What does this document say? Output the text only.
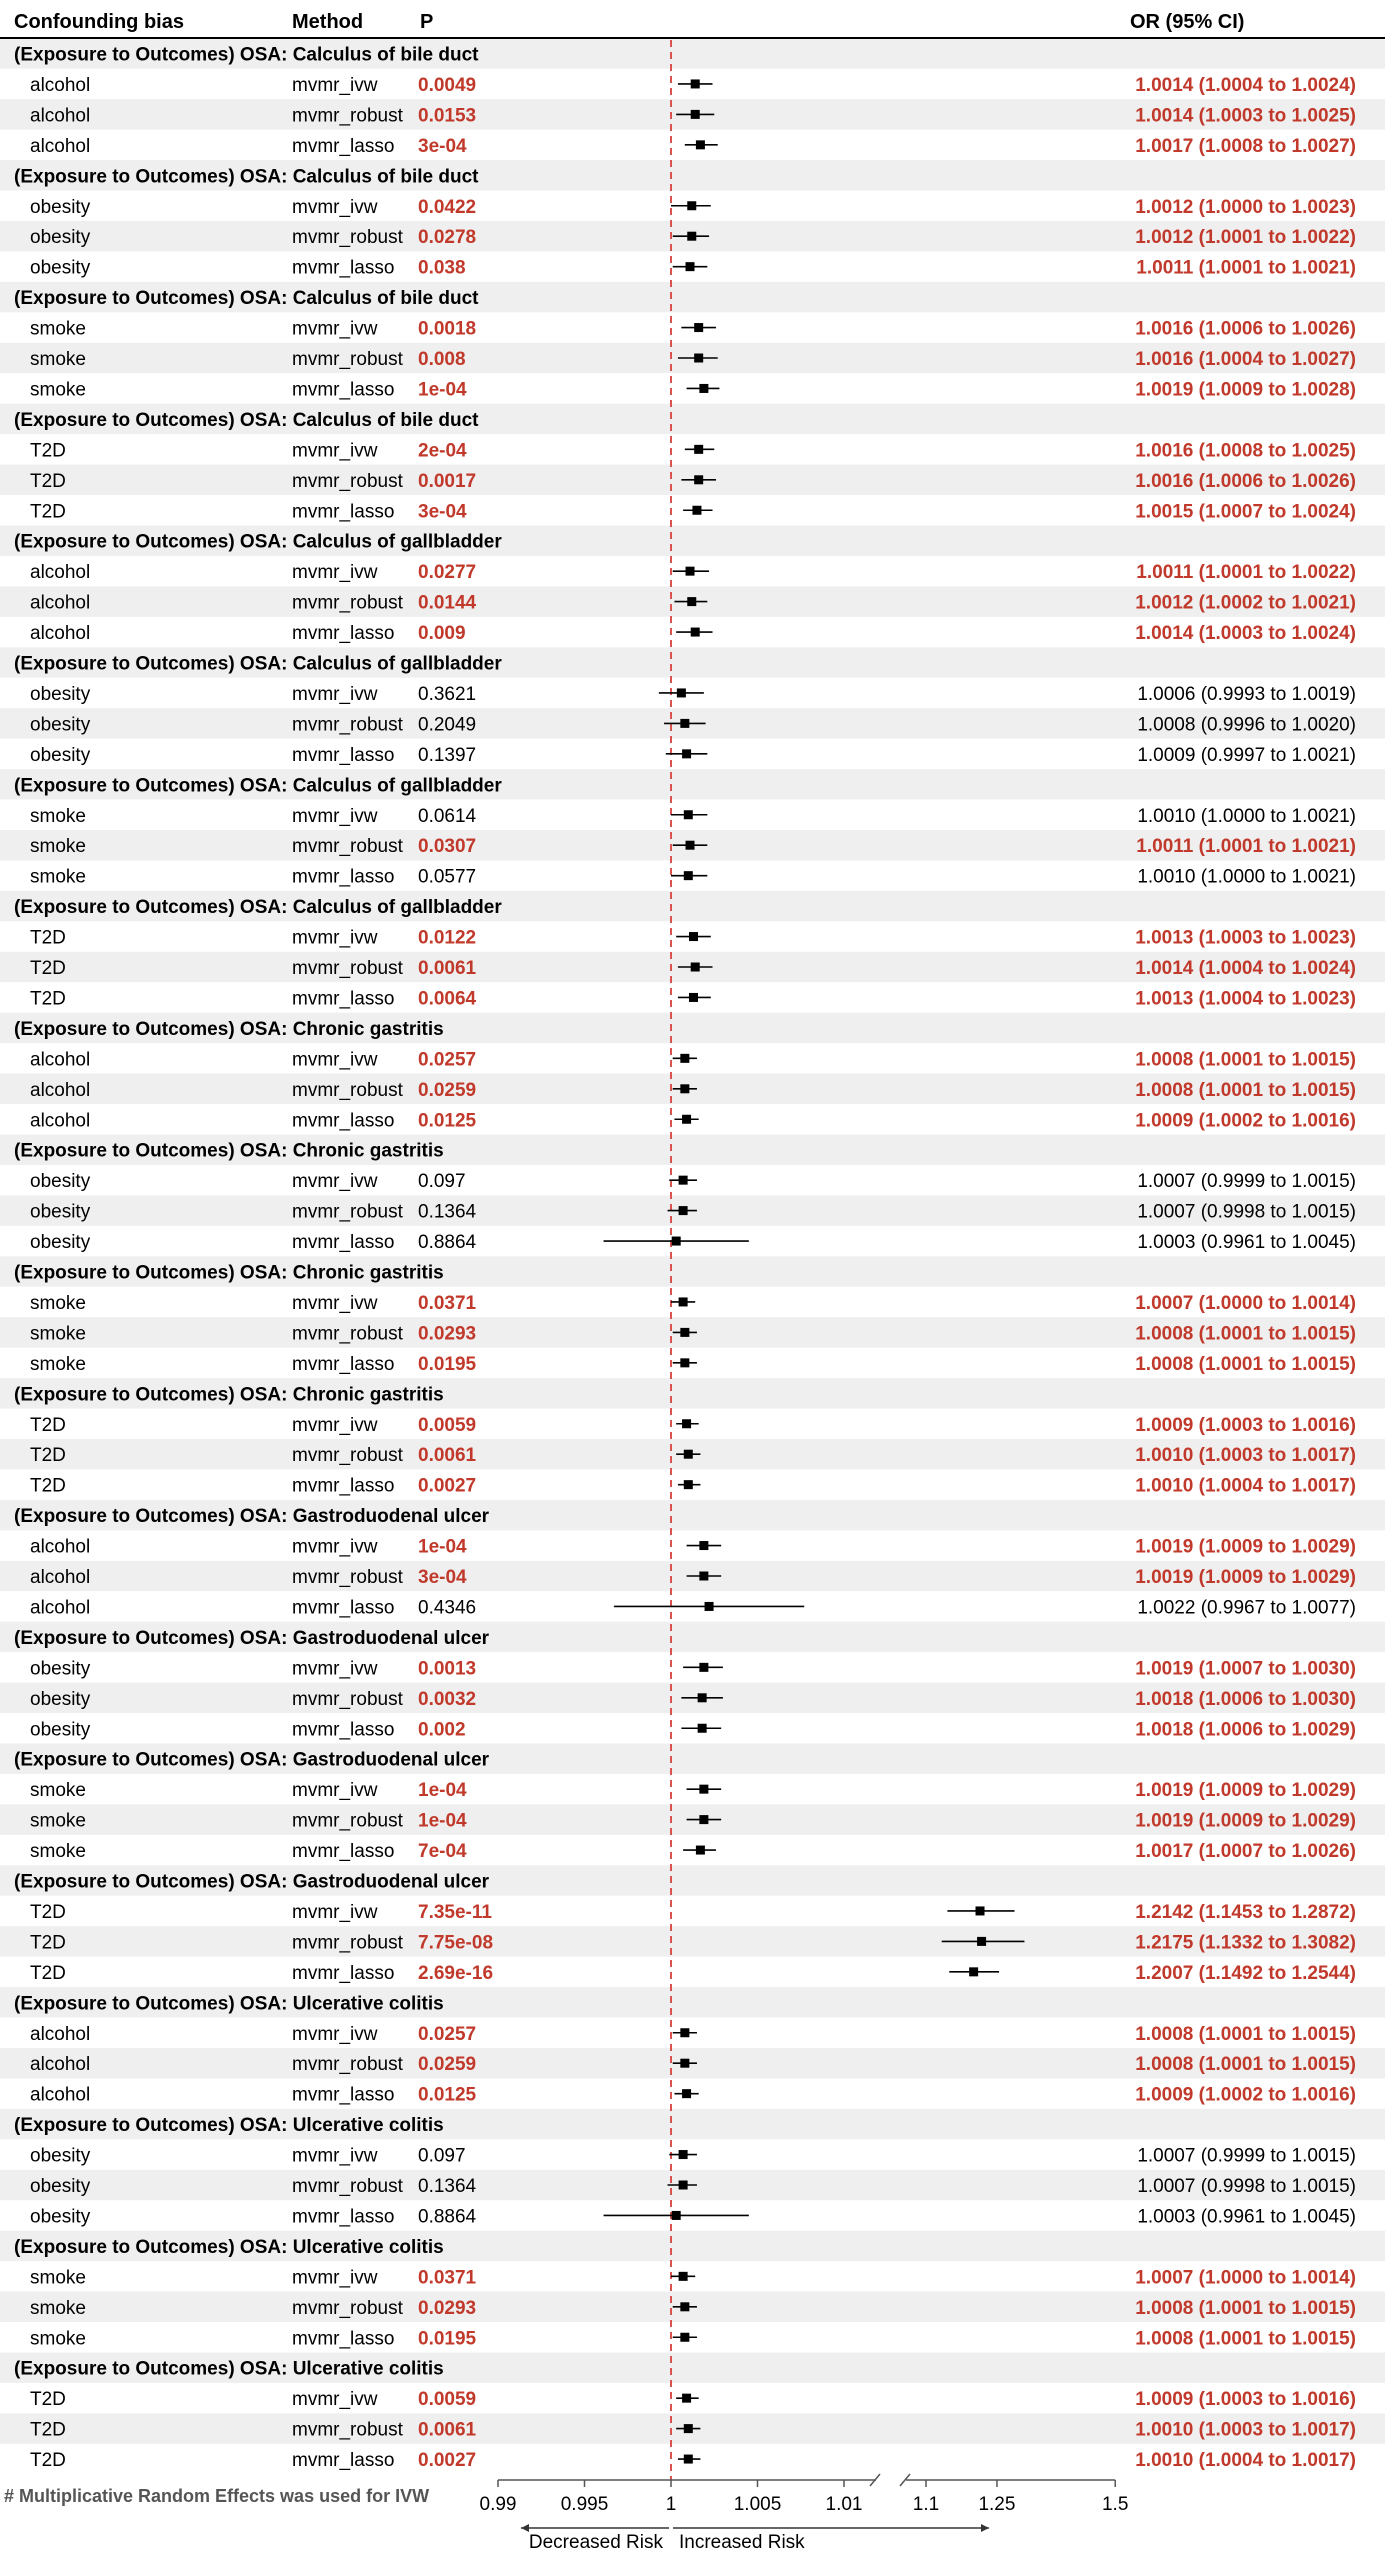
Confounding bias	Method	P	OR (95% CI)
(Exposure to Outcomes) OSA: Calculus of bile duct
alcohol	mvmr_ivw 0.0049	1.0014 (1.0004 to 1.0024)
alcohol	mvmr_robust 0.0153	1.0014 (1.0003 to 1.0025)
alcohol	mvmr_lasso 3e-04	1.0017 (1.0008 to 1.0027)
(Exposure to Outcomes) OSA: Calculus of bile duct
obesity	mvmr_ivw 0.0422	1.0012 (1.0000 to 1.0023)
obesity	mvmr_robust 0.0278	1.0012 (1.0001 to 1.0022)
obesity	mvmr_lasso 0.038	1.0011 (1.0001 to 1.0021)
(Exposure to Outcomes) OSA: Calculus of bile duct
smoke	mvmr_ivw 0.0018	1.0016 (1.0006 to 1.0026)
smoke	mvmr_robust 0.008	1.0016 (1.0004 to 1.0027)
smoke	mvmr_lasso 1e-04	1.0019 (1.0009 to 1.0028)
(Exposure to Outcomes) OSA: Calculus of bile duct
T2D	mvmr_ivw 2e-04	1.0016 (1.0008 to 1.0025)
T2D	mvmr_robust 0.0017	1.0016 (1.0006 to 1.0026)
T2D	mvmr_lasso 3e-04	1.0015 (1.0007 to 1.0024)
(Exposure to Outcomes) OSA: Calculus of gallbladder
alcohol	mvmr_ivw 0.0277	1.0011 (1.0001 to 1.0022)
alcohol	mvmr_robust 0.0144	1.0012 (1.0002 to 1.0021)
alcohol	mvmr_lasso 0.009	1.0014 (1.0003 to 1.0024)
(Exposure to Outcomes) OSA: Calculus of gallbladder
obesity	mvmr_ivw 0.3621	1.0006 (0.9993 to 1.0019)
obesity	mvmr_robust 0.2049	1.0008 (0.9996 to 1.0020)
obesity	mvmr_lasso 0.1397	1.0009 (0.9997 to 1.0021)
(Exposure to Outcomes) OSA: Calculus of gallbladder
smoke	mvmr_ivw 0.0614	1.0010 (1.0000 to 1.0021)
smoke	mvmr_robust 0.0307	1.0011 (1.0001 to 1.0021)
smoke	mvmr_lasso 0.0577	1.0010 (1.0000 to 1.0021)
(Exposure to Outcomes) OSA: Calculus of gallbladder
T2D	mvmr_ivw 0.0122	1.0013 (1.0003 to 1.0023)
T2D	mvmr_robust 0.0061	1.0014 (1.0004 to 1.0024)
T2D	mvmr_lasso 0.0064	1.0013 (1.0004 to 1.0023)
(Exposure to Outcomes) OSA: Chronic gastritis
alcohol	mvmr_ivw 0.0257	1.0008 (1.0001 to 1.0015)
alcohol	mvmr_robust 0.0259	1.0008 (1.0001 to 1.0015)
alcohol	mvmr_lasso 0.0125	1.0009 (1.0002 to 1.0016)
(Exposure to Outcomes) OSA: Chronic gastritis
obesity	mvmr_ivw 0.097	1.0007 (0.9999 to 1.0015)
obesity	mvmr_robust 0.1364	1.0007 (0.9998 to 1.0015)
obesity	mvmr_lasso 0.8864	1.0003 (0.9961 to 1.0045)
(Exposure to Outcomes) OSA: Chronic gastritis
smoke	mvmr_ivw 0.0371	1.0007 (1.0000 to 1.0014)
smoke	mvmr_robust 0.0293	1.0008 (1.0001 to 1.0015)
smoke	mvmr_lasso 0.0195	1.0008 (1.0001 to 1.0015)
(Exposure to Outcomes) OSA: Chronic gastritis
T2D	mvmr_ivw 0.0059	1.0009 (1.0003 to 1.0016)
T2D	mvmr_robust 0.0061	1.0010 (1.0003 to 1.0017)
T2D	mvmr_lasso 0.0027	1.0010 (1.0004 to 1.0017)
(Exposure to Outcomes) OSA: Gastroduodenal ulcer
alcohol	mvmr_ivw 1e-04	1.0019 (1.0009 to 1.0029)
alcohol	mvmr_robust 3e-04	1.0019 (1.0009 to 1.0029)
alcohol	mvmr_lasso 0.4346	1.0022 (0.9967 to 1.0077)
(Exposure to Outcomes) OSA: Gastroduodenal ulcer
obesity	mvmr_ivw 0.0013	1.0019 (1.0007 to 1.0030)
obesity	mvmr_robust 0.0032	1.0018 (1.0006 to 1.0030)
obesity	mvmr_lasso 0.002	1.0018 (1.0006 to 1.0029)
(Exposure to Outcomes) OSA: Gastroduodenal ulcer
smoke	mvmr_ivw 1e-04	1.0019 (1.0009 to 1.0029)
smoke	mvmr_robust 1e-04	1.0019 (1.0009 to 1.0029)
smoke	mvmr_lasso 7e-04	1.0017 (1.0007 to 1.0026)
(Exposure to Outcomes) OSA: Gastroduodenal ulcer
T2D	mvmr_ivw 7.35e-11	1.2142 (1.1453 to 1.2872)
T2D	mvmr_robust 7.75e-08	1.2175 (1.1332 to 1.3082)
T2D	mvmr_lasso 2.69e-16	1.2007 (1.1492 to 1.2544)
(Exposure to Outcomes) OSA: Ulcerative colitis
alcohol	mvmr_ivw 0.0257	1.0008 (1.0001 to 1.0015)
alcohol	mvmr_robust 0.0259	1.0008 (1.0001 to 1.0015)
alcohol	mvmr_lasso 0.0125	1.0009 (1.0002 to 1.0016)
(Exposure to Outcomes) OSA: Ulcerative colitis
obesity	mvmr_ivw 0.097	1.0007 (0.9999 to 1.0015)
obesity	mvmr_robust 0.1364	1.0007 (0.9998 to 1.0015)
obesity	mvmr_lasso 0.8864	1.0003 (0.9961 to 1.0045)
(Exposure to Outcomes) OSA: Ulcerative colitis
smoke	mvmr_ivw 0.0371	1.0007 (1.0000 to 1.0014)
smoke	mvmr_robust 0.0293	1.0008 (1.0001 to 1.0015)
smoke	mvmr_lasso 0.0195	1.0008 (1.0001 to 1.0015)
(Exposure to Outcomes) OSA: Ulcerative colitis
T2D	mvmr_ivw 0.0059	1.0009 (1.0003 to 1.0016)
T2D	mvmr_robust 0.0061	1.0010 (1.0003 to 1.0017)
T2D	mvmr_lasso 0.0027	1.0010 (1.0004 to 1.0017)
0.99 0.995	1	1.005 1.01	1.1 1.25	1.5
Decreased Risk Increased Risk
# Multiplicative Random Effects was used for IVW
